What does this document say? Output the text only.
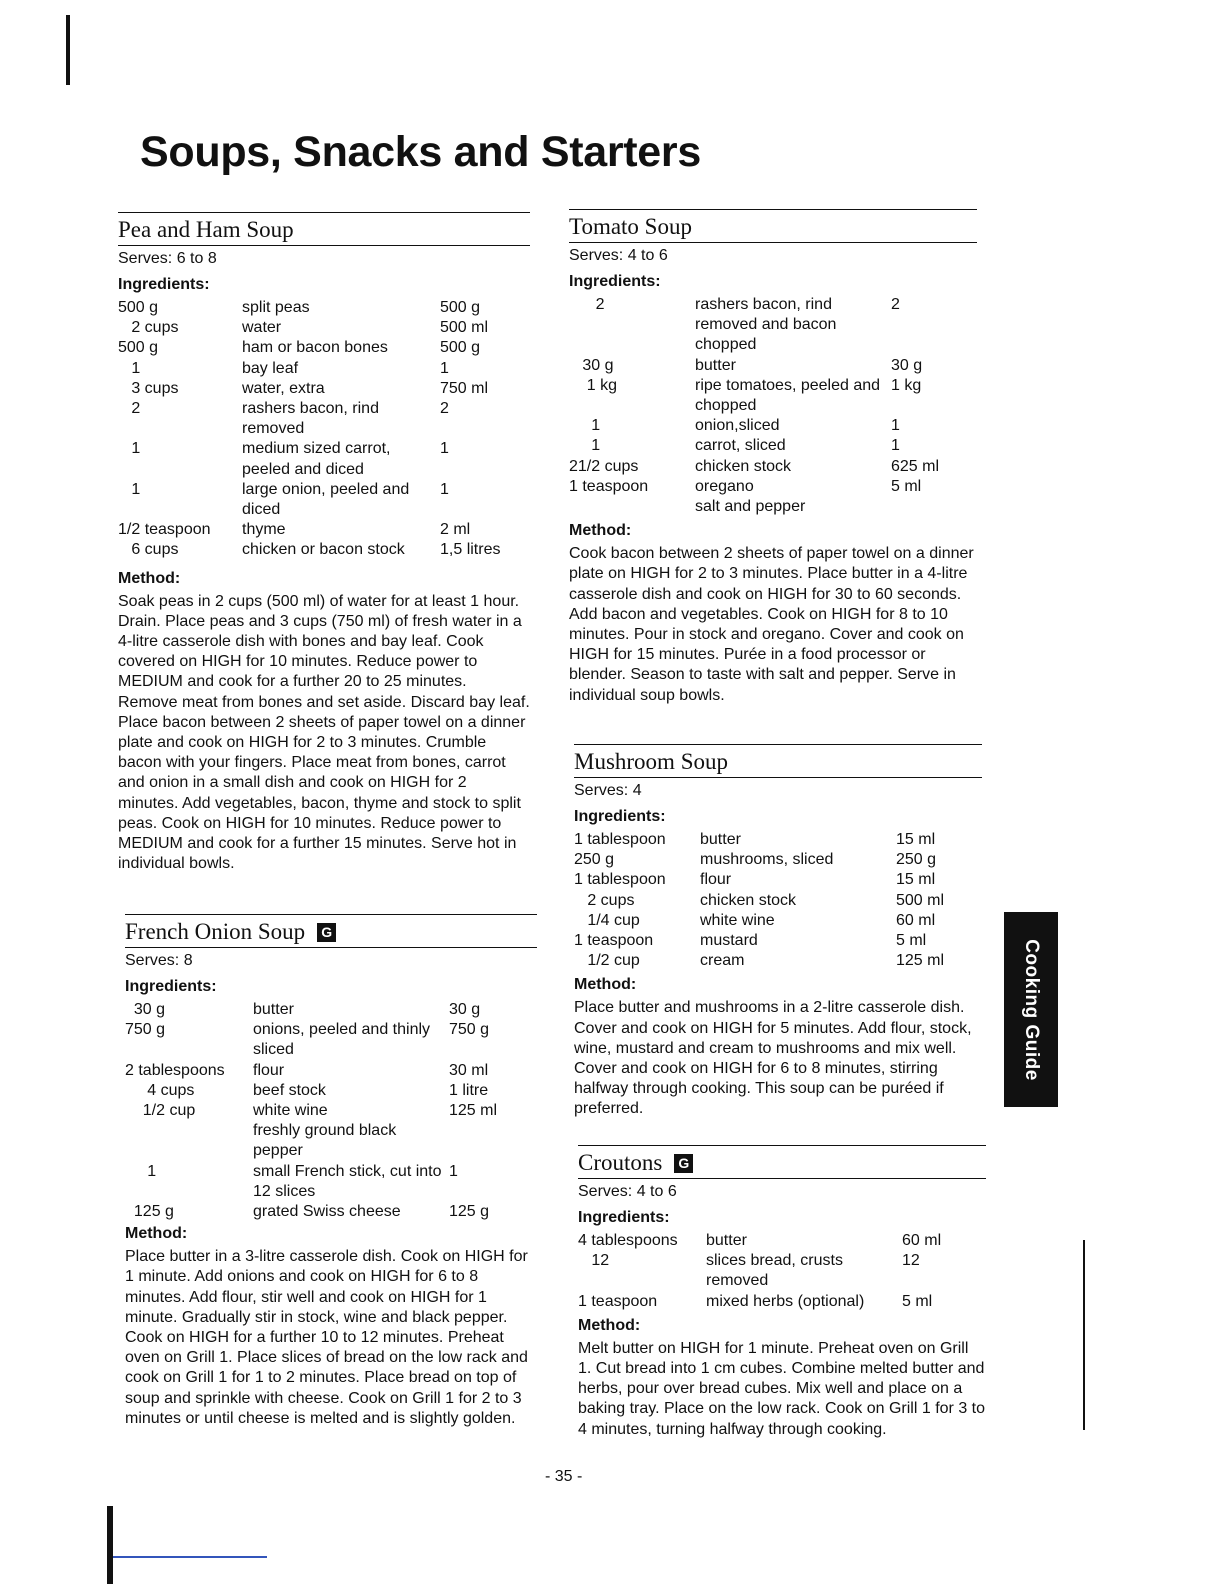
Soups, Snacks and Starters
Pea and Ham Soup
Serves: 6 to 8
Ingredients:
500 g	split peas	500 g
2 cups	water	500 ml
500 g	ham or bacon bones	500 g
1	bay leaf	1
3 cups	water, extra	750 ml
2	rashers bacon, rind removed	2
1	medium sized carrot, peeled and diced	1
1	large onion, peeled and diced	1
1/2 teaspoon	thyme	2 ml
6 cups	chicken or bacon stock	1,5 litres
Method:

Soak peas in 2 cups (500 ml) of water for at least 1 hour. Drain. Place peas and 3 cups (750 ml) of fresh water in a 4-litre casserole dish with bones and bay leaf. Cook covered on HIGH for 10 minutes. Reduce power to MEDIUM and cook for a further 20 to 25 minutes. Remove meat from bones and set aside. Discard bay leaf. Place bacon between 2 sheets of paper towel on a dinner plate and cook on HIGH for 2 to 3 minutes. Crumble bacon with your fingers. Place meat from bones, carrot and onion in a small dish and cook on HIGH for 2 minutes. Add vegetables, bacon, thyme and stock to split peas. Cook on HIGH for 10 minutes. Reduce power to MEDIUM and cook for a further 15 minutes. Serve hot in individual bowls.

French Onion Soup G
Serves: 8
Ingredients:
30 g	butter	30 g
750 g	onions, peeled and thinly sliced	750 g
2 tablespoons	flour	30 ml
4 cups	beef stock	1 litre
1/2 cup	white wine	125 ml
	freshly ground black pepper	
1	small French stick, cut into 12 slices	1
125 g	grated Swiss cheese	125 g
Method:

Place butter in a 3-litre casserole dish. Cook on HIGH for 1 minute. Add onions and cook on HIGH for 6 to 8 minutes. Add flour, stir well and cook on HIGH for 1 minute. Gradually stir in stock, wine and black pepper. Cook on HIGH for a further 10 to 12 minutes. Preheat oven on Grill 1. Place slices of bread on the low rack and cook on Grill 1 for 1 to 2 minutes. Place bread on top of soup and sprinkle with cheese. Cook on Grill 1 for 2 to 3 minutes or until cheese is melted and is slightly golden.

Tomato Soup
Serves: 4 to 6
Ingredients:
2	rashers bacon, rind removed and bacon chopped	2
30 g	butter	30 g
1 kg	ripe tomatoes, peeled and chopped	1 kg
1	onion,sliced	1
1	carrot, sliced	1
21/2 cups	chicken stock	625 ml
1 teaspoon	oregano	5 ml
	salt and pepper	
Method:

Cook bacon between 2 sheets of paper towel on a dinner plate on HIGH for 2 to 3 minutes. Place butter in a 4-litre casserole dish and cook on HIGH for 30 to 60 seconds. Add bacon and vegetables. Cook on HIGH for 8 to 10 minutes. Pour in stock and oregano. Cover and cook on HIGH for 15 minutes. Purée in a food processor or blender. Season to taste with salt and pepper. Serve in individual soup bowls.

Mushroom Soup
Serves: 4
Ingredients:
1 tablespoon	butter	15 ml
250 g	mushrooms, sliced	250 g
1 tablespoon	flour	15 ml
2 cups	chicken stock	500 ml
1/4 cup	white wine	60 ml
1 teaspoon	mustard	5 ml
1/2 cup	cream	125 ml
Method:

Place butter and mushrooms in a 2-litre casserole dish. Cover and cook on HIGH for 5 minutes. Add flour, stock, wine, mustard and cream to mushrooms and mix well. Cover and cook on HIGH for 6 to 8 minutes, stirring halfway through cooking. This soup can be puréed if preferred.

Croutons G
Serves: 4 to 6
Ingredients:
4 tablespoons	butter	60 ml
12	slices bread, crusts removed	12
1 teaspoon	mixed herbs (optional)	5 ml
Method:

Melt butter on HIGH for 1 minute. Preheat oven on Grill 1. Cut bread into 1 cm cubes. Combine melted butter and herbs, pour over bread cubes. Mix well and place on a baking tray. Place on the low rack. Cook on Grill 1 for 3 to 4 minutes, turning halfway through cooking.

Cooking Guide
- 35 -
